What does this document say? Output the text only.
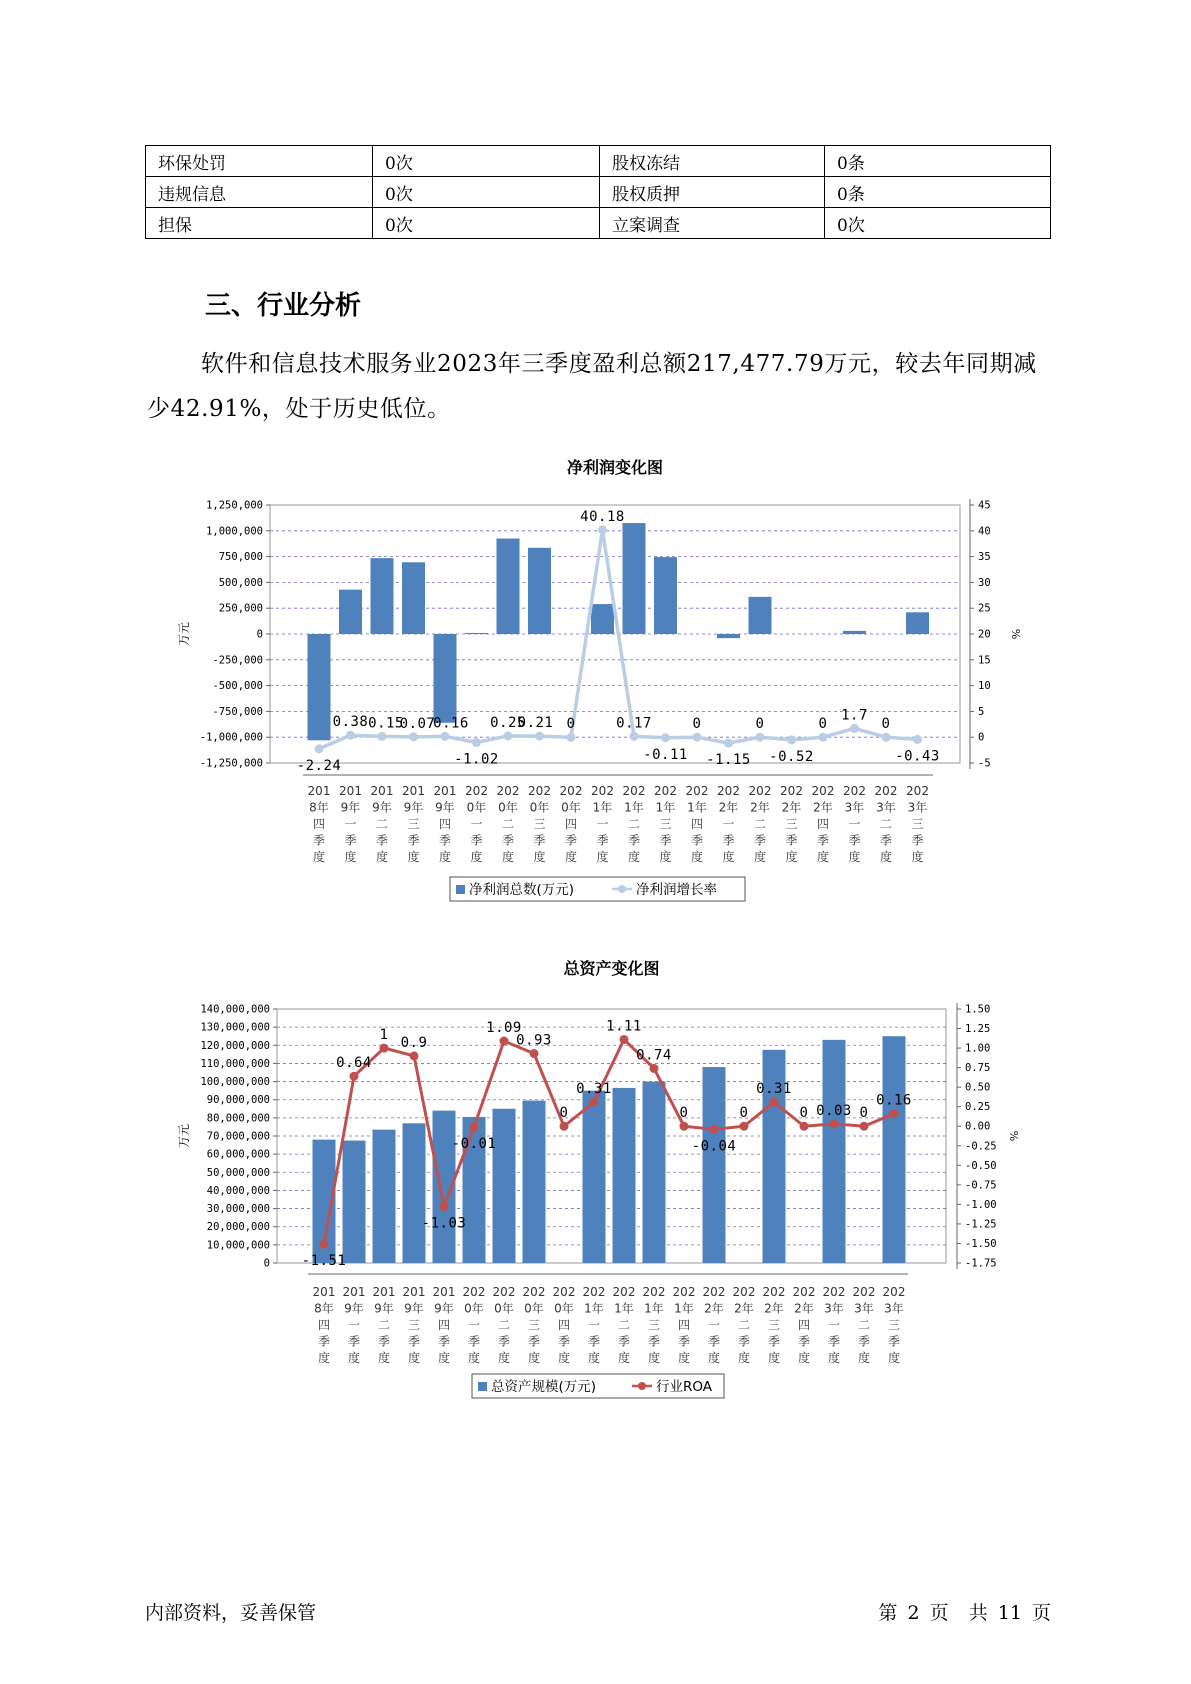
环保处罚	0次	股权冻结	0条
违规信息	0次	股权质押	0条
担保	0次	立案调查	0次
三、行业分析

软件和信息技术服务业2023年三季度盈利总额217,477.79万元，较去年同期减少42.91%，处于历史低位。

净利润变化图
1,250,000
1,000,000
750,000
500,000
250,000
0
-250,000
-500,000
-750,000
-1,000,000
-1,250,000
45
40
35
30
25
20
15
10
5
0
-5
万元	%
-2.24
0.38 0.15
0.07
0.16
-1.02
0.25
0.21 0
40.18
0.17
-0.11
0
-1.15
0
-0.52
0
1.7
0
-0.43
201 8年四季度
201 9年一季度
201 9年二季度
201 9年三季度
201 9年四季度
202 0年一季度
202 0年二季度
202 0年三季度
202 0年四季度
202 1年一季度
202 1年二季度
202 1年三季度
202 1年四季度
202 2年一季度
202 2年二季度
202 2年三季度
202 2年四季度
202 3年一季度
202 3年二季度
202 3年三季度
净利润总数(万元)	净利润增长率
总资产变化图
140,000,000
130,000,000
120,000,000
110,000,000
100,000,000
90,000,000
80,000,000
70,000,000
60,000,000
50,000,000
40,000,000
30,000,000
20,000,000
10,000,000
0
1.50
1.25
1.00
0.75
0.50
0.25
0.00
-0.25
-0.50
-0.75
-1.00
-1.25
-1.50
-1.75
万元	%
-1.51
0.64
1 0.9
-1.03
-0.01
1.09
0.93
0
0.31
1.11
0.74
0
-0.04
0
0.31
0 0.03 0
0.16
201 8年四季度
201 9年一季度
201 9年二季度
201 9年三季度
201 9年四季度
202 0年一季度
202 0年二季度
202 0年三季度
202 0年四季度
202 1年一季度
202 1年二季度
202 1年三季度
202 1年四季度
202 2年一季度
202 2年二季度
202 2年三季度
202 2年四季度
202 3年一季度
202 3年二季度
202 3年三季度
总资产规模(万元)	行业ROA
内部资料，妥善保管	第 2 页 共 11 页
